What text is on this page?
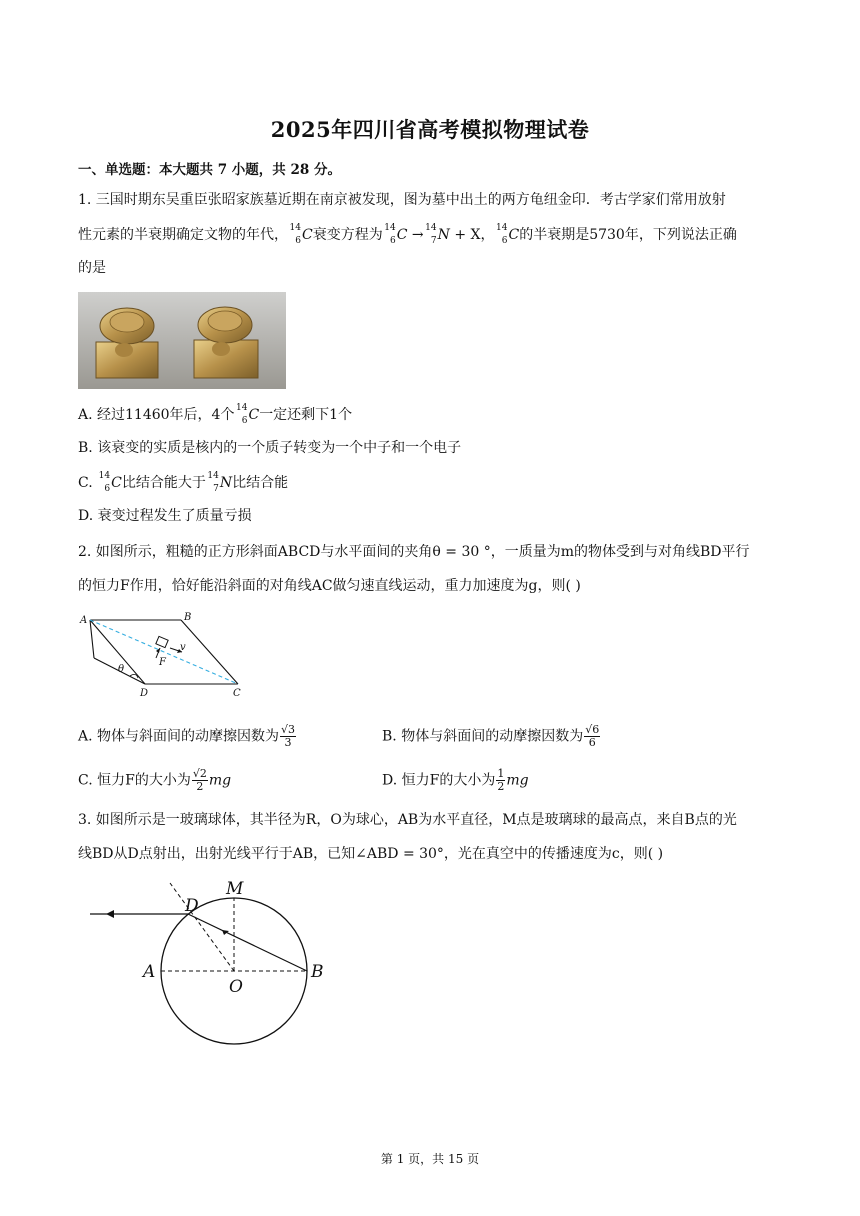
2025年四川省高考模拟物理试卷
一、单选题：本大题共 7 小题，共 28 分。
1. 三国时期东吴重臣张昭家族墓近期在南京被发现，图为墓中出土的两方龟纽金印．考古学家们常用放射
性元素的半衰期确定文物的年代， 14
6 C衰变方程为 14
6 C → 14
7 N + X， 14
6 C的半衰期是5730年，下列说法正确
的是
A. 经过11460年后，4个 14
6 C一定还剩下1个
B. 该衰变的实质是核内的一个质子转变为一个中子和一个电子
C. 14
6 C比结合能大于 14
7 N比结合能
D. 衰变过程发生了质量亏损
2. 如图所示，粗糙的正方形斜面ABCD与水平面间的夹角θ = 30 °，一质量为m的物体受到与对角线BD平行
的恒力F作用，恰好能沿斜面的对角线AC做匀速直线运动，重力加速度为g，则( )
A	B
C
D
θ
v
F
A. 物体与斜面间的动摩擦因数为 $\frac{√3}{3}$	B. 物体与斜面间的动摩擦因数为 $\frac{√6}{6}$
C. 恒力F的大小为 $\frac{√2}{2}$ mg	D. 恒力F的大小为 $\frac{1}{2}$ mg
3. 如图所示是一玻璃球体，其半径为R，O为球心，AB为水平直径，M点是玻璃球的最高点，来自B点的光
线BD从D点射出，出射光线平行于AB，已知∠ABD = 30°，光在真空中的传播速度为c，则( )
D
M
A
O
B
第 1 页，共 15 页
